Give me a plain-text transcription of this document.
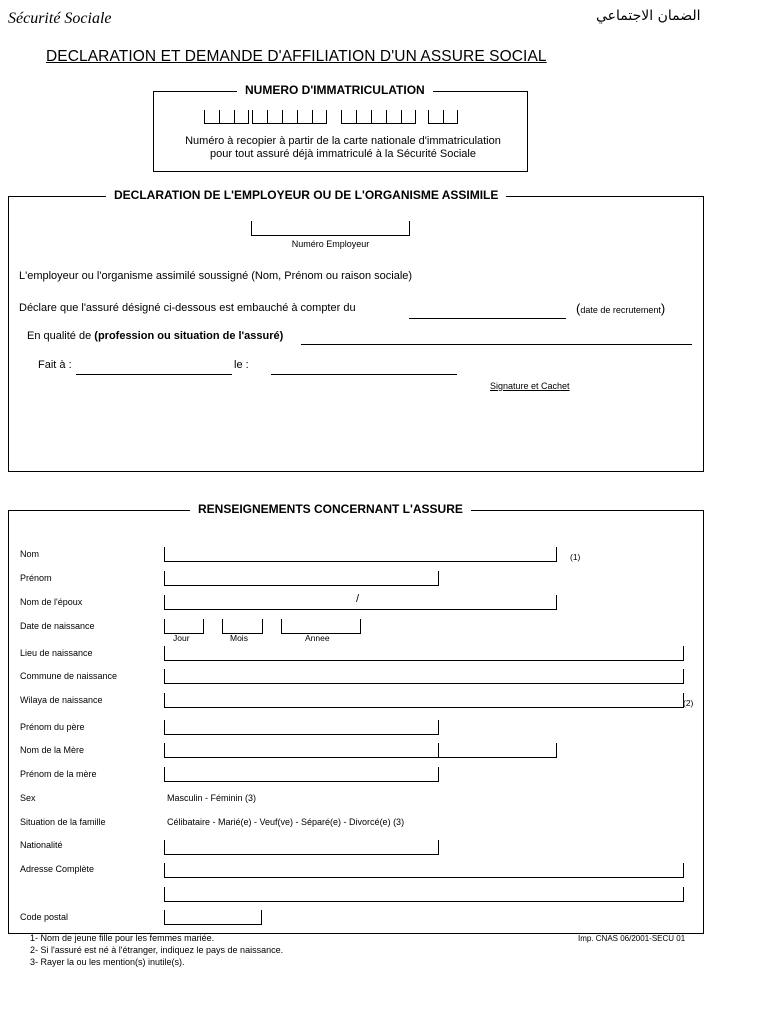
Sécurité Sociale	الضمان الاجتماعي
DECLARATION ET DEMANDE D'AFFILIATION D'UN ASSURE SOCIAL
NUMERO D'IMMATRICULATION
Numéro à recopier à partir de la carte nationale d'immatriculation
pour tout assuré déjà immatriculé à la Sécurité Sociale
DECLARATION DE L'EMPLOYEUR OU DE L'ORGANISME ASSIMILE
Numéro Employeur
L'employeur ou l'organisme assimilé soussigné (Nom, Prénom ou raison sociale)
Déclare que l'assuré désigné ci-dessous est embauché à compter du	(date de recrutement)
En qualité de (profession ou situation de l'assuré)
Fait à :	le :
Signature et Cachet
RENSEIGNEMENTS CONCERNANT L'ASSURE
Nom	(1)
Prénom
Nom de l'époux	/
Date de naissance
Jour	Mois	Annee
Lieu de naissance
Commune de naissance
Wilaya de naissance	(2)
Prénom du père
Nom de la Mère
Prénom de la mère
Sex	Masculin - Féminin (3)
Situation de la famille	Célibataire - Marié(e) - Veuf(ve) - Séparé(e) - Divorcé(e) (3)
Nationalité
Adresse Complète
Code postal
1- Nom de jeune fille pour les femmes mariée.
2- Si l'assuré est né à l'étranger, indiquez le pays de naissance.
3- Rayer la ou les mention(s) inutile(s).
Imp. CNAS 06/2001-SECU 01
